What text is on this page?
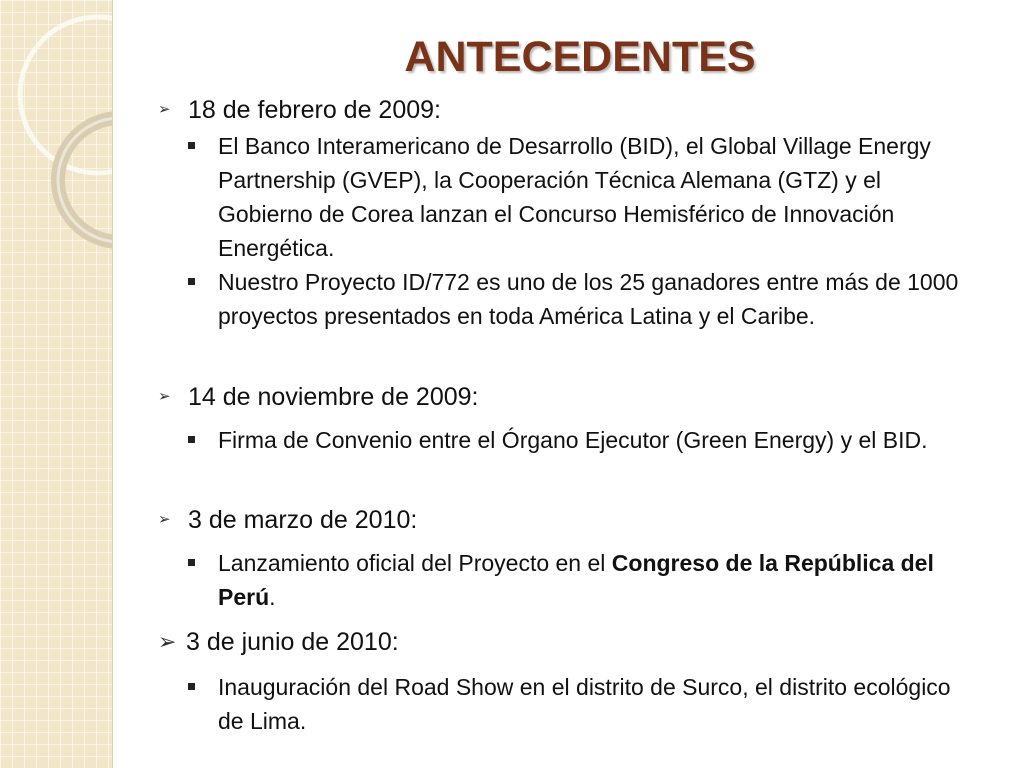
ANTECEDENTES
➢ 18 de febrero de 2009:
El Banco Interamericano de Desarrollo (BID), el Global Village Energy Partnership (GVEP), la Cooperación Técnica Alemana (GTZ) y el Gobierno de Corea lanzan el Concurso Hemisférico de Innovación Energética.
Nuestro Proyecto ID/772 es uno de los 25 ganadores entre más de 1000 proyectos presentados en toda América Latina y el Caribe.
➢ 14 de noviembre de 2009:
Firma de Convenio entre el Órgano Ejecutor (Green Energy) y el BID.
➢ 3 de marzo de 2010:
Lanzamiento oficial del Proyecto en el Congreso de la República del Perú.
➢ 3 de junio de 2010:
Inauguración del Road Show en el distrito de Surco, el distrito ecológico de Lima.
